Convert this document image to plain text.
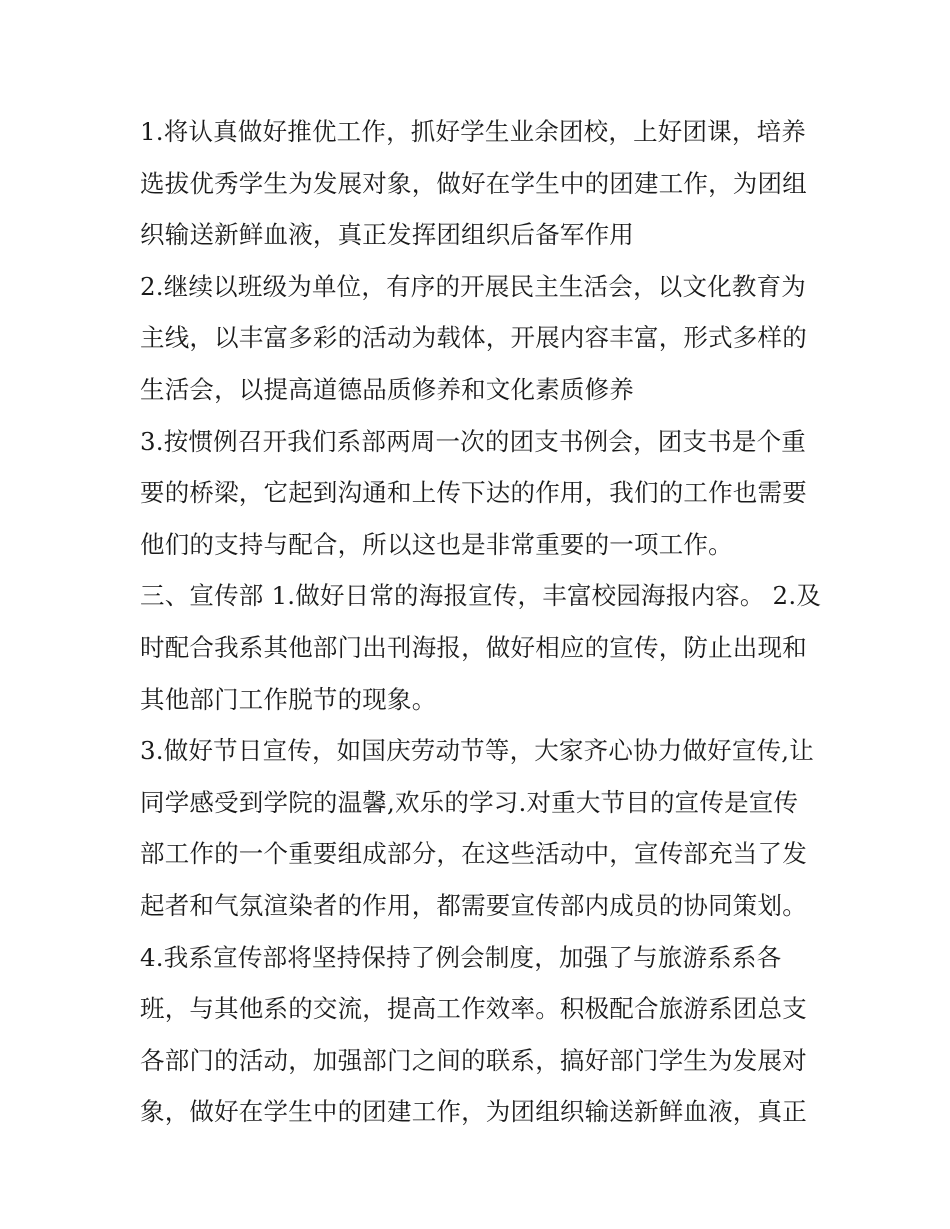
1.将认真做好推优工作，抓好学生业余团校，上好团课，培养
选拔优秀学生为发展对象，做好在学生中的团建工作，为团组
织输送新鲜血液，真正发挥团组织后备军作用
2.继续以班级为单位，有序的开展民主生活会，以文化教育为
主线，以丰富多彩的活动为载体，开展内容丰富，形式多样的
生活会，以提高道德品质修养和文化素质修养
3.按惯例召开我们系部两周一次的团支书例会，团支书是个重
要的桥梁，它起到沟通和上传下达的作用，我们的工作也需要
他们的支持与配合，所以这也是非常重要的一项工作。
三、宣传部 1.做好日常的海报宣传，丰富校园海报内容。 2.及
时配合我系其他部门出刊海报，做好相应的宣传，防止出现和
其他部门工作脱节的现象。
3.做好节日宣传，如国庆劳动节等，大家齐心协力做好宣传,让
同学感受到学院的温馨,欢乐的学习.对重大节目的宣传是宣传
部工作的一个重要组成部分，在这些活动中，宣传部充当了发
起者和气氛渲染者的作用，都需要宣传部内成员的协同策划。
4.我系宣传部将坚持保持了例会制度，加强了与旅游系系各
班，与其他系的交流，提高工作效率。积极配合旅游系团总支
各部门的活动，加强部门之间的联系，搞好部门学生为发展对
象，做好在学生中的团建工作，为团组织输送新鲜血液，真正
